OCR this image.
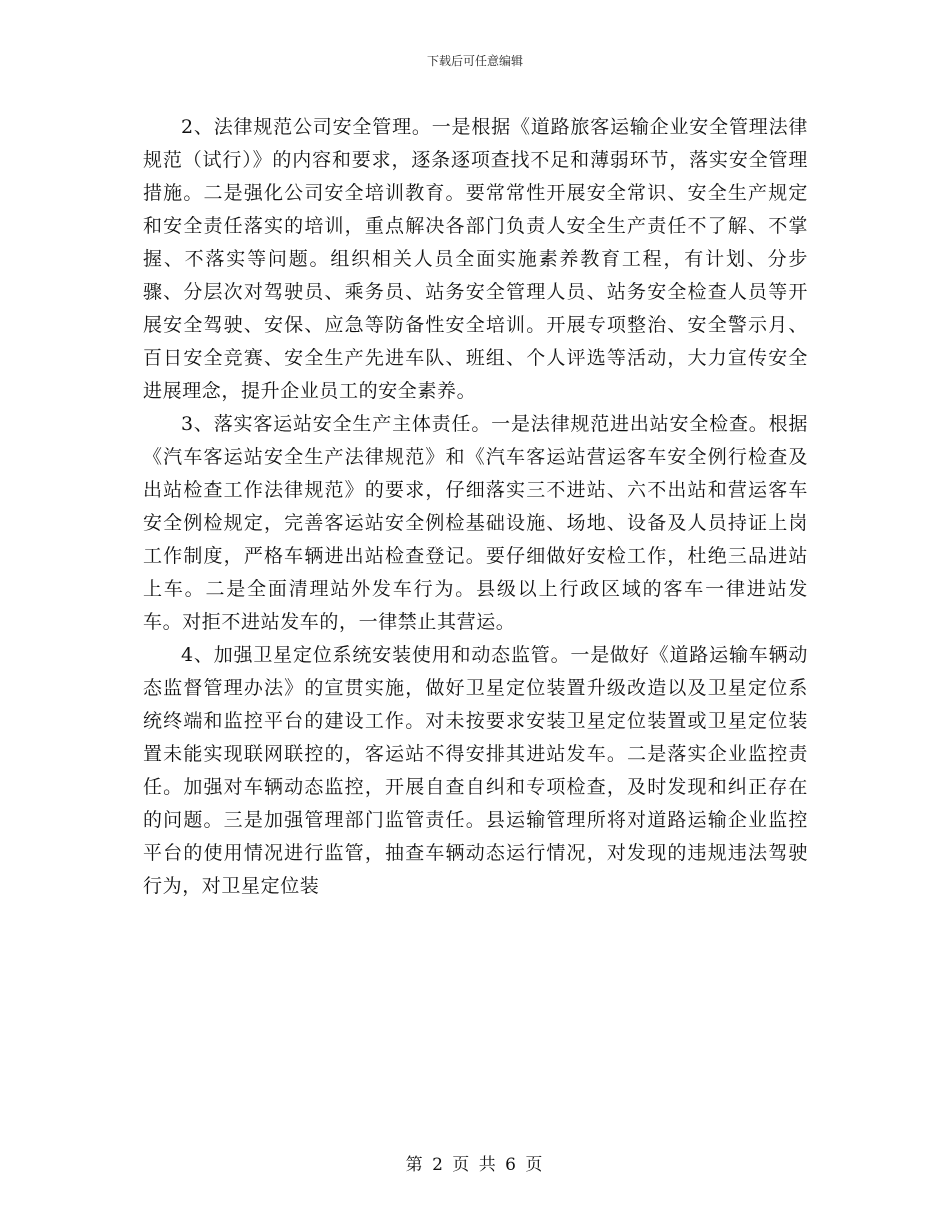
下载后可任意编辑

2、法律规范公司安全管理。一是根据《道路旅客运输企业安全管理法律规范（试行）》的内容和要求，逐条逐项查找不足和薄弱环节，落实安全管理措施。二是强化公司安全培训教育。要常常性开展安全常识、安全生产规定和安全责任落实的培训，重点解决各部门负责人安全生产责任不了解、不掌握、不落实等问题。组织相关人员全面实施素养教育工程，有计划、分步骤、分层次对驾驶员、乘务员、站务安全管理人员、站务安全检查人员等开展安全驾驶、安保、应急等防备性安全培训。开展专项整治、安全警示月、百日安全竞赛、安全生产先进车队、班组、个人评选等活动，大力宣传安全进展理念，提升企业员工的安全素养。

3、落实客运站安全生产主体责任。一是法律规范进出站安全检查。根据《汽车客运站安全生产法律规范》和《汽车客运站营运客车安全例行检查及出站检查工作法律规范》的要求，仔细落实三不进站、六不出站和营运客车安全例检规定，完善客运站安全例检基础设施、场地、设备及人员持证上岗工作制度，严格车辆进出站检查登记。要仔细做好安检工作，杜绝三品进站上车。二是全面清理站外发车行为。县级以上行政区域的客车一律进站发车。对拒不进站发车的，一律禁止其营运。

4、加强卫星定位系统安装使用和动态监管。一是做好《道路运输车辆动态监督管理办法》的宣贯实施，做好卫星定位装置升级改造以及卫星定位系统终端和监控平台的建设工作。对未按要求安装卫星定位装置或卫星定位装置未能实现联网联控的，客运站不得安排其进站发车。二是落实企业监控责任。加强对车辆动态监控，开展自查自纠和专项检查，及时发现和纠正存在的问题。三是加强管理部门监管责任。县运输管理所将对道路运输企业监控平台的使用情况进行监管，抽查车辆动态运行情况，对发现的违规违法驾驶行为，对卫星定位装

第 2 页 共 6 页
